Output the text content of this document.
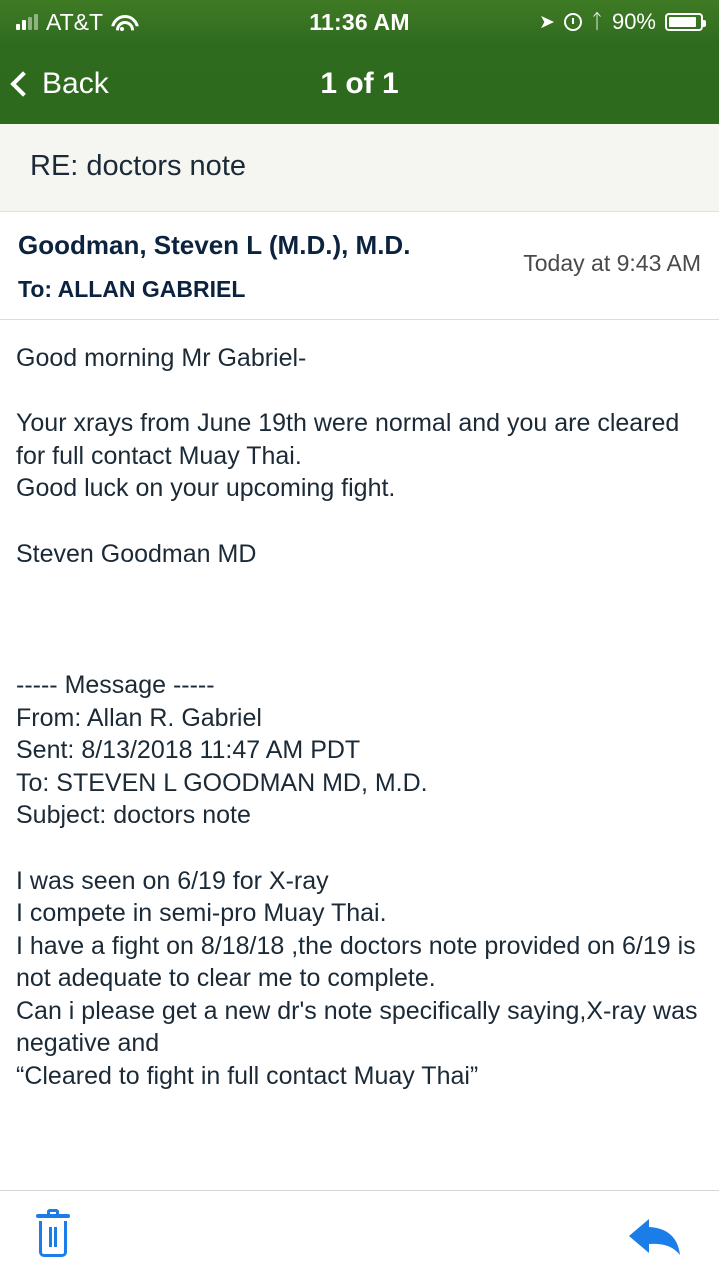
AT&T	11:36 AM	➤ ᛏ 90%
Back	1 of 1
RE: doctors note
Goodman, Steven L (M.D.), M.D.
To: ALLAN GABRIEL
Today at 9:43 AM

Good morning Mr Gabriel-

Your xrays from June 19th were normal and you are cleared for full contact Muay Thai.

Good luck on your upcoming fight.

Steven Goodman MD

----- Message -----

From: Allan R. Gabriel

Sent: 8/13/2018 11:47 AM PDT

To: STEVEN L GOODMAN MD, M.D.

Subject: doctors note

I was seen on 6/19 for X-ray

I compete in semi-pro Muay Thai.

I have a fight on 8/18/18 ,the doctors note provided on 6/19 is not adequate to clear me to complete.

Can i please get a new dr's note specifically saying,X-ray was negative and

“Cleared to fight in full contact Muay Thai”
